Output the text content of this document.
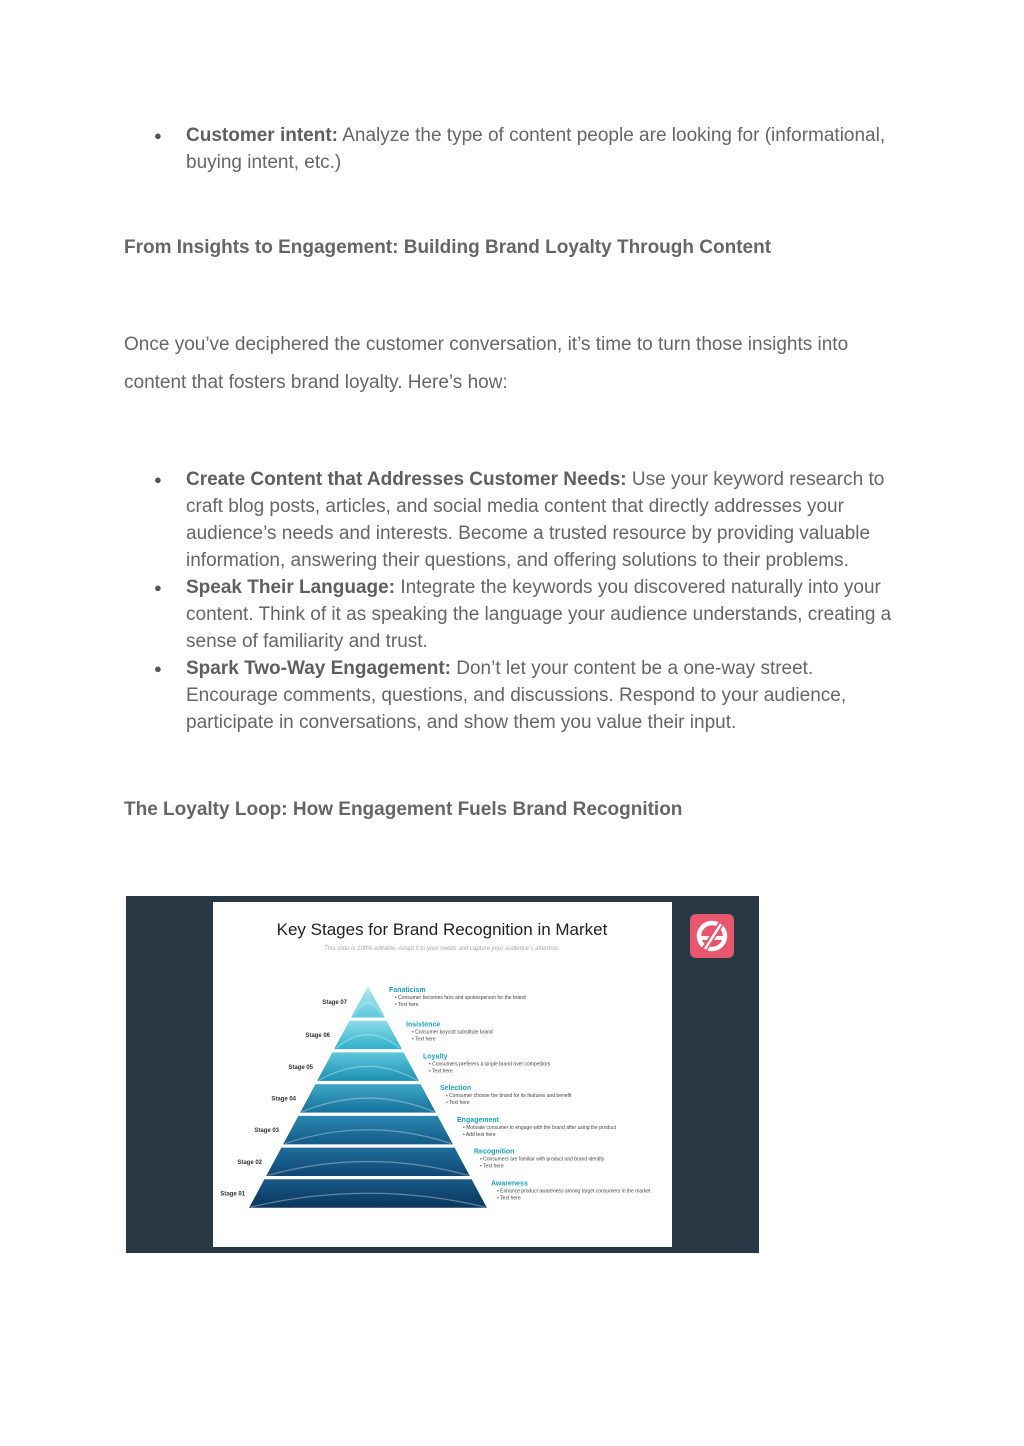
● Customer intent: Analyze the type of content people are looking for (informational, buying intent, etc.)
From Insights to Engagement: Building Brand Loyalty Through Content
Once you’ve deciphered the customer conversation, it’s time to turn those insights into content that fosters brand loyalty. Here’s how:
● Create Content that Addresses Customer Needs: Use your keyword research to craft blog posts, articles, and social media content that directly addresses your audience’s needs and interests. Become a trusted resource by providing valuable information, answering their questions, and offering solutions to their problems.
● Speak Their Language: Integrate the keywords you discovered naturally into your content. Think of it as speaking the language your audience understands, creating a sense of familiarity and trust.
● Spark Two-Way Engagement: Don’t let your content be a one-way street. Encourage comments, questions, and discussions. Respond to your audience, participate in conversations, and show them you value their input.
The Loyalty Loop: How Engagement Fuels Brand Recognition
Key Stages for Brand Recognition in Market
This slide is 100% editable. Adapt it to your needs and capture your audience's attention.
Stage 07
Fanaticism
• Consumer becomes fans and spokesperson for the brand
• Text here
Stage 06
Insistence
• Consumer boycott substitute brand
• Text here
Stage 05
Loyalty
• Consumers preferers a single brand over competitors
• Text here
Stage 04
Selection
• Consumer choose the brand for its features and benefit
• Text here
Stage 03
Engagement
• Motivate consumer to engage with the brand after using the product
• Add text here
Stage 02
Recognition
• Consumers are familiar with product and brand identity
• Text here
Stage 01
Awareness
• Enhance product awareness among target consumers in the market
• Text here
